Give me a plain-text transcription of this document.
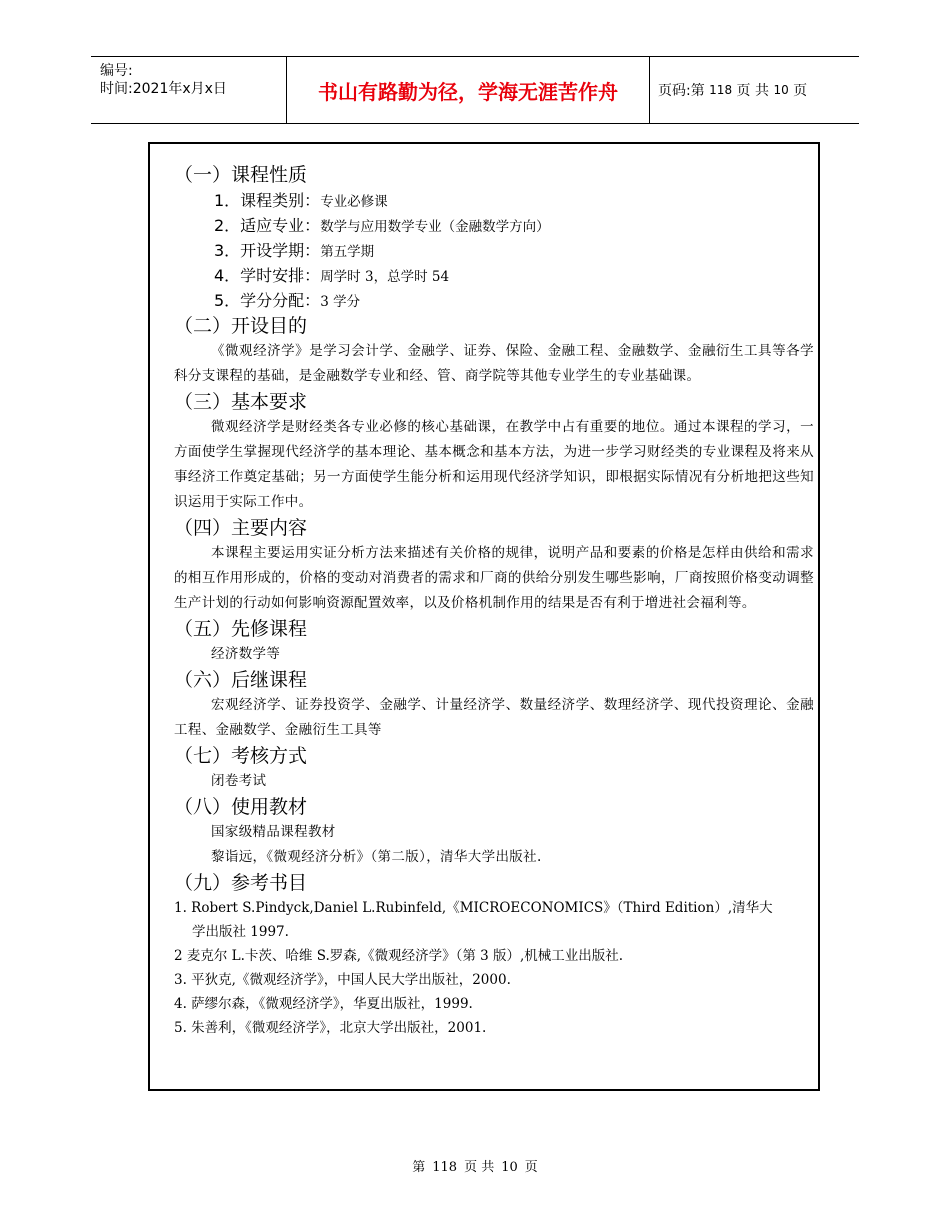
编号:
时间:2021年x月x日	书山有路勤为径，学海无涯苦作舟	页码: 第
118
页 共
10
页
（一）课程性质
1．课程类别：专业必修课
2．适应专业：数学与应用数学专业（金融数学方向）
3．开设学期：第五学期
4．学时安排：周学时 3，总学时 54
5．学分分配：3 学分
（二）开设目的
《微观经济学》是学习会计学、金融学、证券、保险、金融工程、金融数学、金融衍生工具等各学科分支课程的基础，是金融数学专业和经、管、商学院等其他专业学生的专业基础课。
（三）基本要求
微观经济学是财经类各专业必修的核心基础课，在教学中占有重要的地位。通过本课程的学习，一方面使学生掌握现代经济学的基本理论、基本概念和基本方法，为进一步学习财经类的专业课程及将来从事经济工作奠定基础；另一方面使学生能分析和运用现代经济学知识，即根据实际情况有分析地把这些知识运用于实际工作中。
（四）主要内容
本课程主要运用实证分析方法来描述有关价格的规律，说明产品和要素的价格是怎样由供给和需求的相互作用形成的，价格的变动对消费者的需求和厂商的供给分别发生哪些影响，厂商按照价格变动调整生产计划的行动如何影响资源配置效率，以及价格机制作用的结果是否有利于增进社会福利等。
（五）先修课程
经济数学等
（六）后继课程
宏观经济学、证券投资学、金融学、计量经济学、数量经济学、数理经济学、现代投资理论、金融工程、金融数学、金融衍生工具等
（七）考核方式
闭卷考试
（八）使用教材
国家级精品课程教材
黎诣远，《微观经济分析》（第二版），清华大学出版社.
（九）参考书目
1. Robert S.Pindyck,Daniel L.Rubinfeld,《MICROECONOMICS》（Third Edition）,清华大
学出版社 1997.
2 麦克尔 L.卡茨、哈维 S.罗森,《微观经济学》（第 3 版）,机械工业出版社.
3. 平狄克,《微观经济学》，中国人民大学出版社，2000.
4. 萨缪尔森，《微观经济学》，华夏出版社，1999.
5. 朱善利，《微观经济学》，北京大学出版社，2001.
第 118 页 共 10 页
